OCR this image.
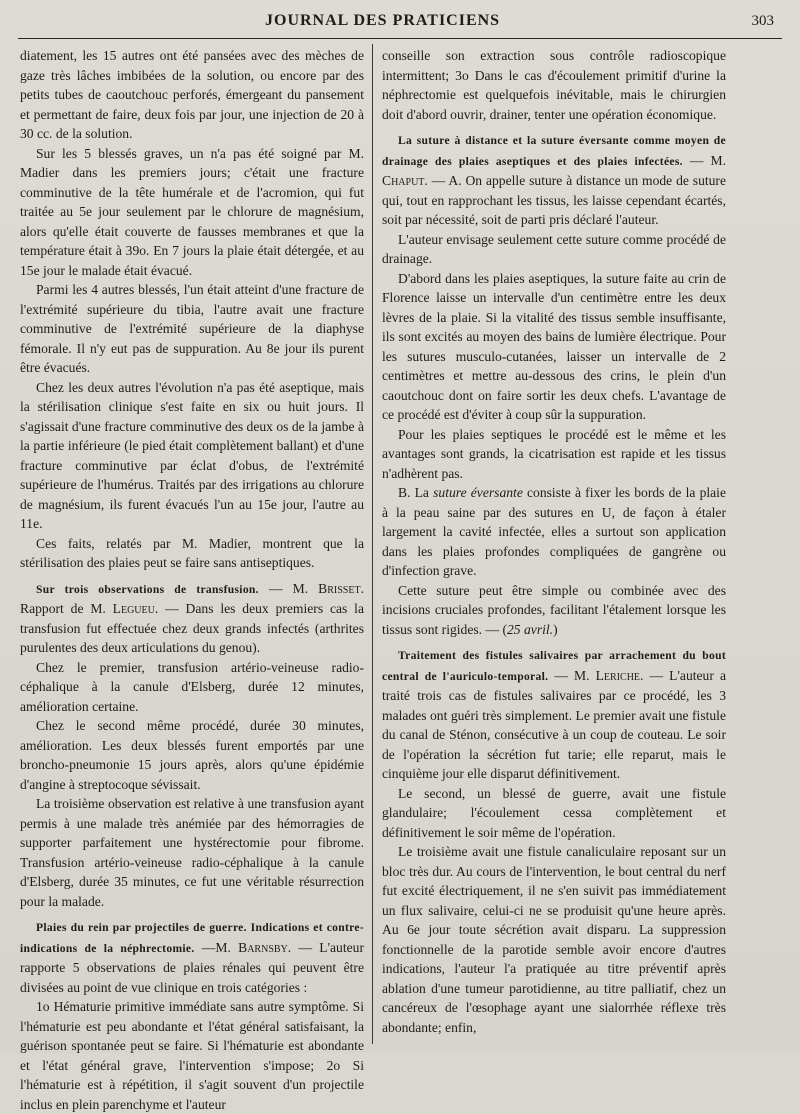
JOURNAL DES PRATICIENS	303

diatement, les 15 autres ont été pansées avec des mèches de gaze très lâches imbibées de la solution, ou encore par des petits tubes de caoutchouc perforés, émergeant du pansement et permettant de faire, deux fois par jour, une injection de 20 à 30 cc. de la solution.

Sur les 5 blessés graves, un n'a pas été soigné par M. Madier dans les premiers jours; c'était une fracture comminutive de la tête humérale et de l'acromion, qui fut traitée au 5e jour seulement par le chlorure de magnésium, alors qu'elle était couverte de fausses membranes et que la température était à 39o. En 7 jours la plaie était détergée, et au 15e jour le malade était évacué.

Parmi les 4 autres blessés, l'un était atteint d'une fracture de l'extrémité supérieure du tibia, l'autre avait une fracture comminutive de l'extrémité supérieure de la diaphyse fémorale. Il n'y eut pas de suppuration. Au 8e jour ils purent être évacués.

Chez les deux autres l'évolution n'a pas été aseptique, mais la stérilisation clinique s'est faite en six ou huit jours. Il s'agissait d'une fracture comminutive des deux os de la jambe à la partie inférieure (le pied était complètement ballant) et d'une fracture comminutive par éclat d'obus, de l'extrémité supérieure de l'humérus. Traités par des irrigations au chlorure de magnésium, ils furent évacués l'un au 15e jour, l'autre au 11e.

Ces faits, relatés par M. Madier, montrent que la stérilisation des plaies peut se faire sans antiseptiques.

Sur trois observations de transfusion. — M. Brisset. Rapport de M. Legueu. — Dans les deux premiers cas la transfusion fut effectuée chez deux grands infectés (arthrites purulentes des deux articulations du genou).

Chez le premier, transfusion artério-veineuse radio-céphalique à la canule d'Elsberg, durée 12 minutes, amélioration certaine.

Chez le second même procédé, durée 30 minutes, amélioration. Les deux blessés furent emportés par une broncho-pneumonie 15 jours après, alors qu'une épidémie d'angine à streptocoque sévissait.

La troisième observation est relative à une transfusion ayant permis à une malade très anémiée par des hémorragies de supporter parfaitement une hystérectomie pour fibrome. Transfusion artério-veineuse radio-céphalique à la canule d'Elsberg, durée 35 minutes, ce fut une véritable résurrection pour la malade.

Plaies du rein par projectiles de guerre. Indications et contre-indications de la néphrectomie. —M. Barnsby. — L'auteur rapporte 5 observations de plaies rénales qui peuvent être divisées au point de vue clinique en trois catégories :

1o Hématurie primitive immédiate sans autre symptôme. Si l'hématurie est peu abondante et l'état général satisfaisant, la guérison spontanée peut se faire. Si l'hématurie est abondante et l'état général grave, l'intervention s'impose; 2o Si l'hématurie est à répétition, il s'agit souvent d'un projectile inclus en plein parenchyme et l'auteur

conseille son extraction sous contrôle radioscopique intermittent; 3o Dans le cas d'écoulement primitif d'urine la néphrectomie est quelquefois inévitable, mais le chirurgien doit d'abord ouvrir, drainer, tenter une opération économique.

La suture à distance et la suture éversante comme moyen de drainage des plaies aseptiques et des plaies infectées. — M. Chaput. — A. On appelle suture à distance un mode de suture qui, tout en rapprochant les tissus, les laisse cependant écartés, soit par nécessité, soit de parti pris déclaré l'auteur.

L'auteur envisage seulement cette suture comme procédé de drainage.

D'abord dans les plaies aseptiques, la suture faite au crin de Florence laisse un intervalle d'un centimètre entre les deux lèvres de la plaie. Si la vitalité des tissus semble insuffisante, ils sont excités au moyen des bains de lumière électrique. Pour les sutures musculo-cutanées, laisser un intervalle de 2 centimètres et mettre au-dessous des crins, le plein d'un caoutchouc dont on faire sortir les deux chefs. L'avantage de ce procédé est d'éviter à coup sûr la suppuration.

Pour les plaies septiques le procédé est le même et les avantages sont grands, la cicatrisation est rapide et les tissus n'adhèrent pas.

B. La suture éversante consiste à fixer les bords de la plaie à la peau saine par des sutures en U, de façon à étaler largement la cavité infectée, elles a surtout son application dans les plaies profondes compliquées de gangrène ou d'infection grave.

Cette suture peut être simple ou combinée avec des incisions cruciales profondes, facilitant l'étalement lorsque les tissus sont rigides. — (25 avril.)

Traitement des fistules salivaires par arrachement du bout central de l'auriculo-temporal. — M. Leriche. — L'auteur a traité trois cas de fistules salivaires par ce procédé, les 3 malades ont guéri très simplement. Le premier avait une fistule du canal de Sténon, consécutive à un coup de couteau. Le soir de l'opération la sécrétion fut tarie; elle reparut, mais le cinquième jour elle disparut définitivement.

Le second, un blessé de guerre, avait une fistule glandulaire; l'écoulement cessa complètement et définitivement le soir même de l'opération.

Le troisième avait une fistule canaliculaire reposant sur un bloc très dur. Au cours de l'intervention, le bout central du nerf fut excité électriquement, il ne s'en suivit pas immédiatement un flux salivaire, celui-ci ne se produisit qu'une heure après. Au 6e jour toute sécrétion avait disparu. La suppression fonctionnelle de la parotide semble avoir encore d'autres indications, l'auteur l'a pratiquée au titre préventif après ablation d'une tumeur parotidienne, au titre palliatif, chez un cancéreux de l'œsophage ayant une sialorrhée réflexe très abondante; enfin,
